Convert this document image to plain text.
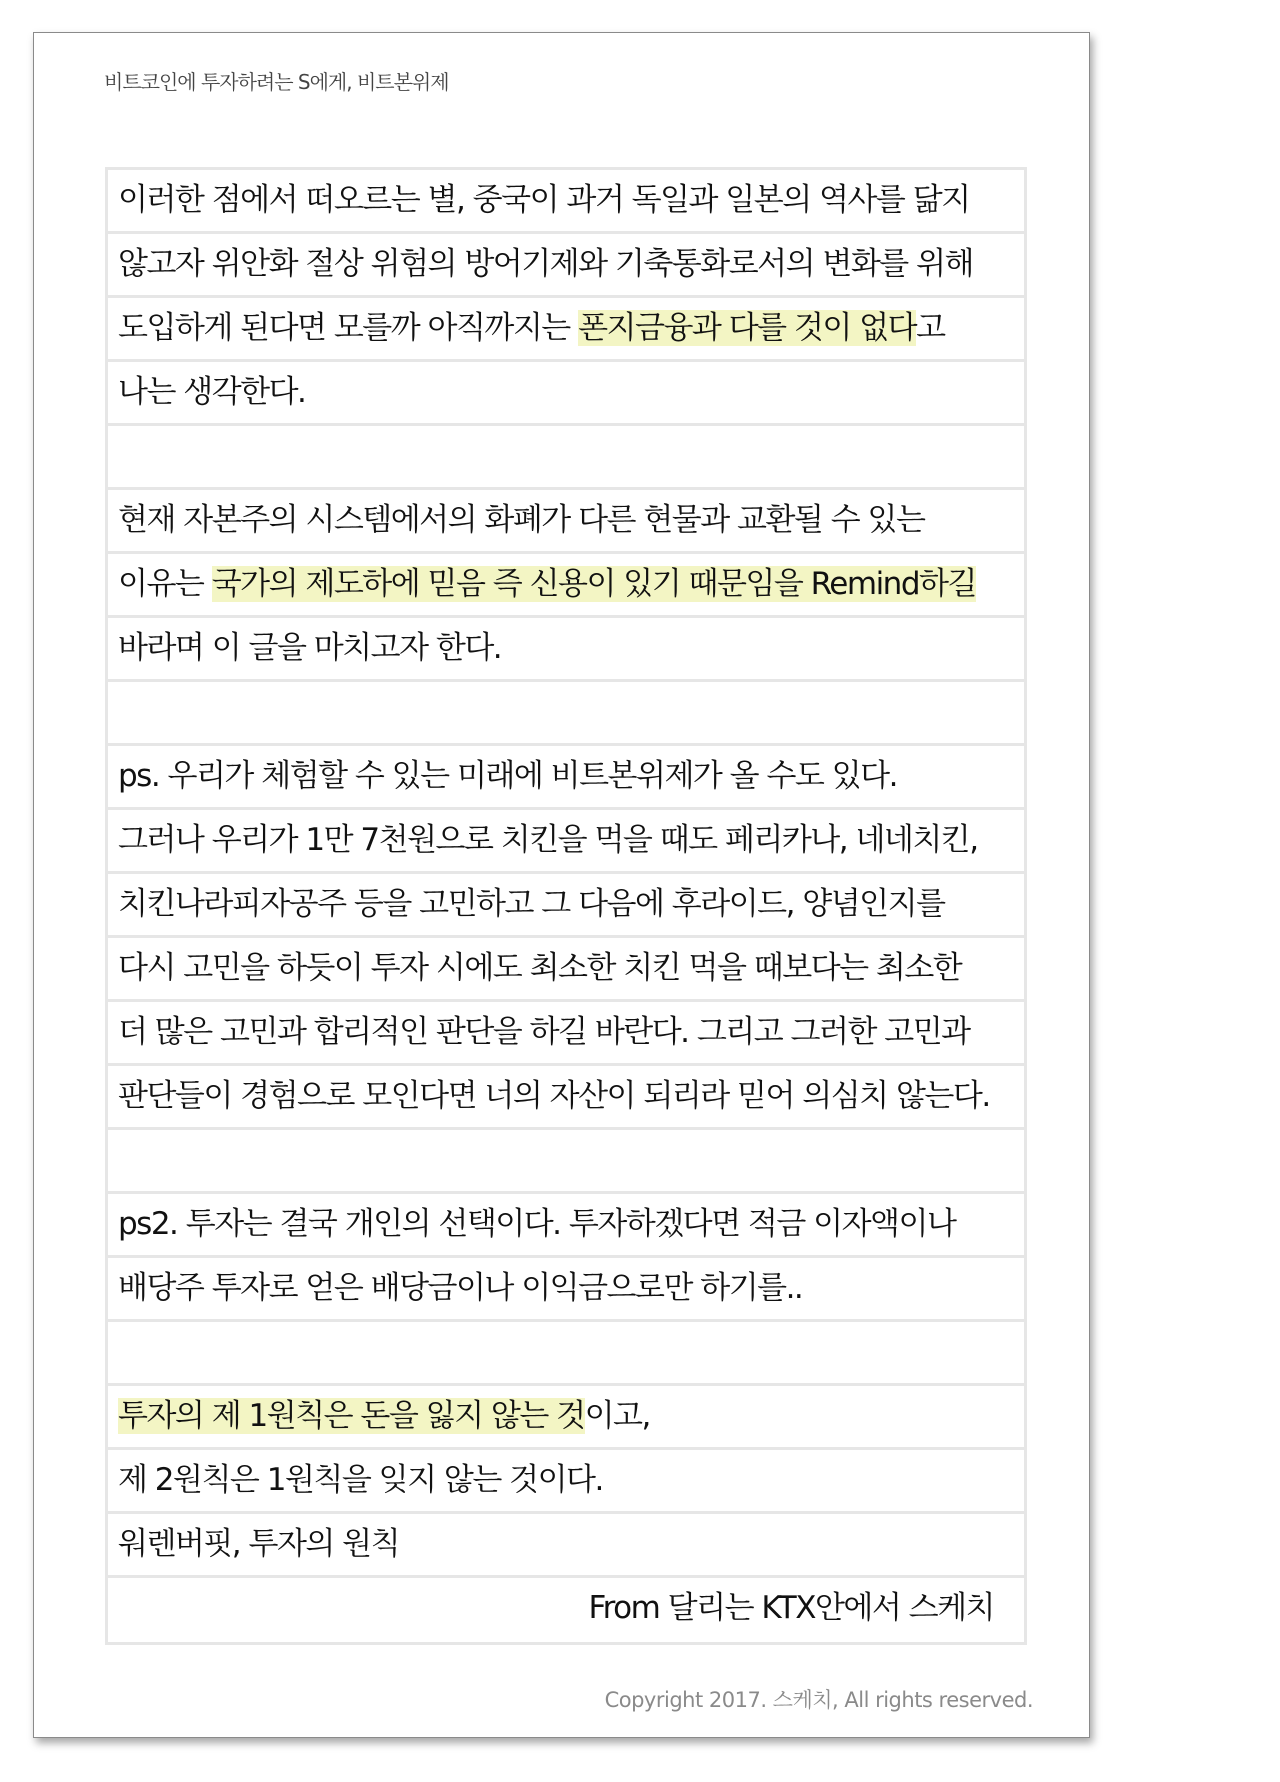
비트코인에 투자하려는 S에게, 비트본위제
이러한 점에서 떠오르는 별, 중국이 과거 독일과 일본의 역사를 닮지
않고자 위안화 절상 위험의 방어기제와 기축통화로서의 변화를 위해
도입하게 된다면 모를까 아직까지는 폰지금융과 다를 것이 없다고
나는 생각한다.
현재 자본주의 시스템에서의 화폐가 다른 현물과 교환될 수 있는
이유는 국가의 제도하에 믿음 즉 신용이 있기 때문임을 Remind하길
바라며 이 글을 마치고자 한다.
ps. 우리가 체험할 수 있는 미래에 비트본위제가 올 수도 있다.
그러나 우리가 1만 7천원으로 치킨을 먹을 때도 페리카나, 네네치킨,
치킨나라피자공주 등을 고민하고 그 다음에 후라이드, 양념인지를
다시 고민을 하듯이 투자 시에도 최소한 치킨 먹을 때보다는 최소한
더 많은 고민과 합리적인 판단을 하길 바란다. 그리고 그러한 고민과
판단들이 경험으로 모인다면 너의 자산이 되리라 믿어 의심치 않는다.
ps2. 투자는 결국 개인의 선택이다. 투자하겠다면 적금 이자액이나
배당주 투자로 얻은 배당금이나 이익금으로만 하기를..
투자의 제 1원칙은 돈을 잃지 않는 것이고,
제 2원칙은 1원칙을 잊지 않는 것이다.
워렌버핏, 투자의 원칙
From 달리는 KTX안에서 스케치
Copyright 2017. 스케치, All rights reserved.
